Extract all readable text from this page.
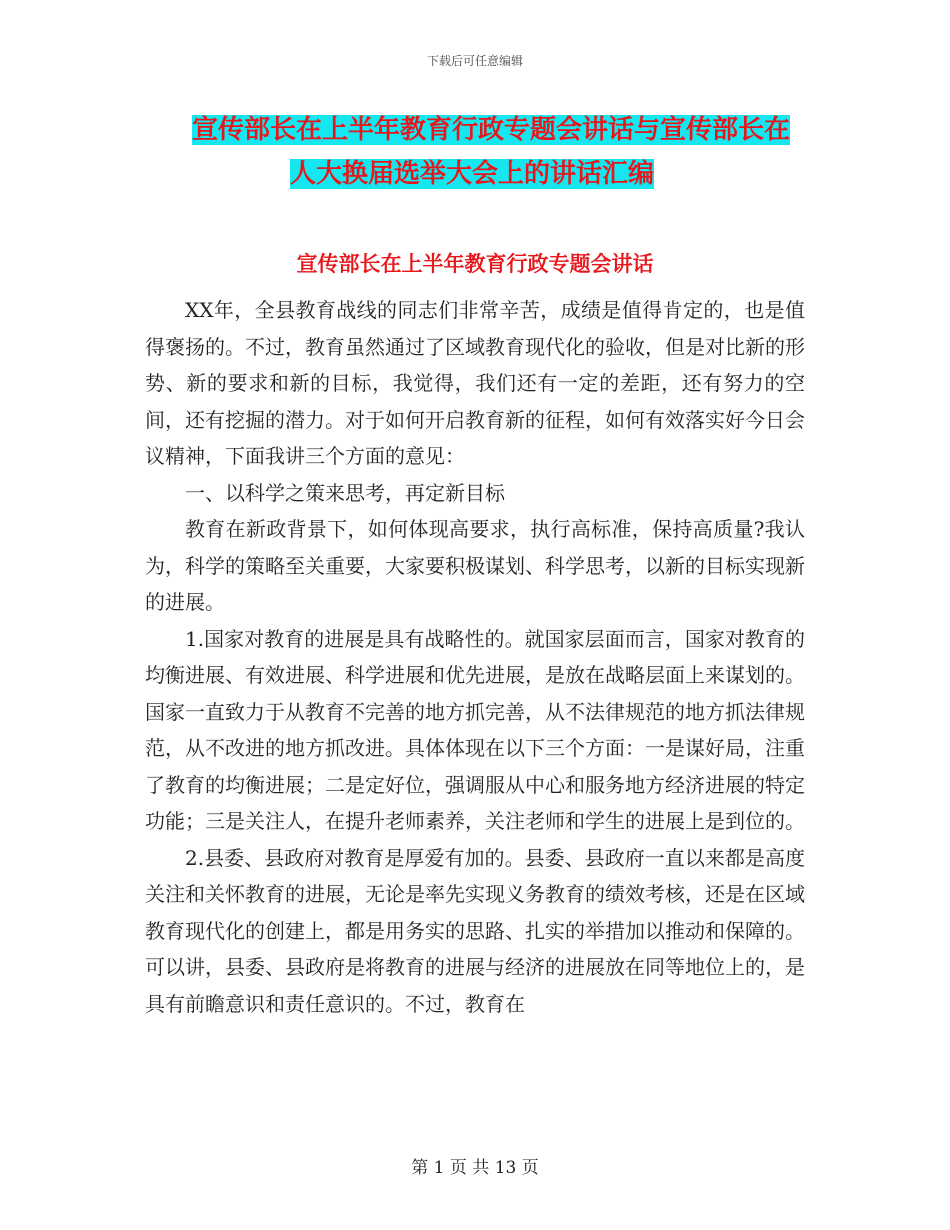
下载后可任意编辑
宣传部长在上半年教育行政专题会讲话与宣传部长在
人大换届选举大会上的讲话汇编
宣传部长在上半年教育行政专题会讲话

XX年，全县教育战线的同志们非常辛苦，成绩是值得肯定的，也是值得褒扬的。不过，教育虽然通过了区域教育现代化的验收，但是对比新的形势、新的要求和新的目标，我觉得，我们还有一定的差距，还有努力的空间，还有挖掘的潜力。对于如何开启教育新的征程，如何有效落实好今日会议精神，下面我讲三个方面的意见：

一、以科学之策来思考，再定新目标

教育在新政背景下，如何体现高要求，执行高标准，保持高质量?我认为，科学的策略至关重要，大家要积极谋划、科学思考，以新的目标实现新的进展。

1.国家对教育的进展是具有战略性的。就国家层面而言，国家对教育的均衡进展、有效进展、科学进展和优先进展，是放在战略层面上来谋划的。国家一直致力于从教育不完善的地方抓完善，从不法律规范的地方抓法律规范，从不改进的地方抓改进。具体体现在以下三个方面：一是谋好局，注重了教育的均衡进展；二是定好位，强调服从中心和服务地方经济进展的特定功能；三是关注人，在提升老师素养，关注老师和学生的进展上是到位的。

2.县委、县政府对教育是厚爱有加的。县委、县政府一直以来都是高度关注和关怀教育的进展，无论是率先实现义务教育的绩效考核，还是在区域教育现代化的创建上，都是用务实的思路、扎实的举措加以推动和保障的。可以讲，县委、县政府是将教育的进展与经济的进展放在同等地位上的，是具有前瞻意识和责任意识的。不过，教育在

第 1 页 共 13 页
